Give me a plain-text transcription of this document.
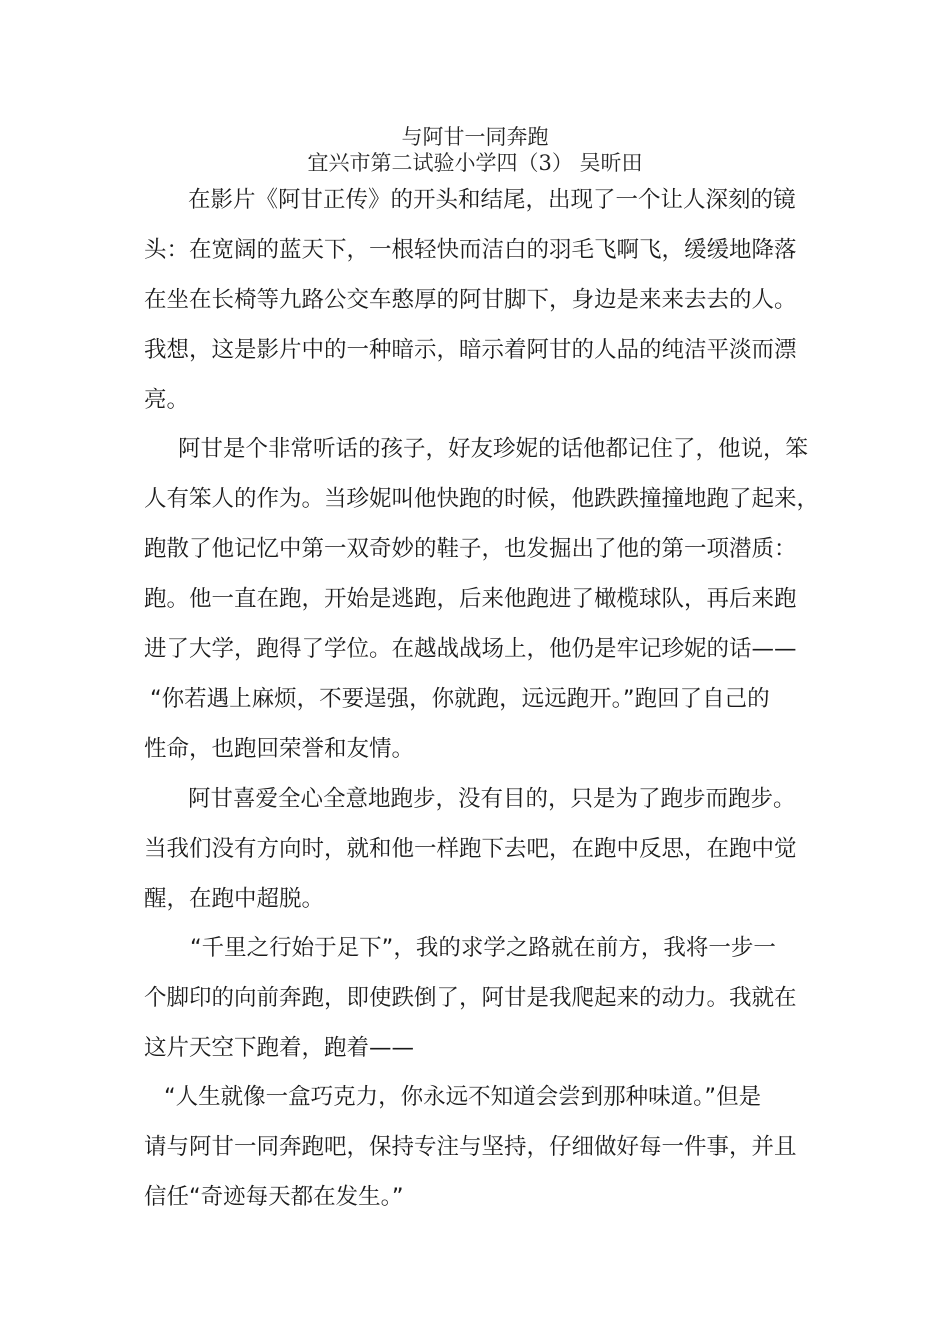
与阿甘一同奔跑
宜兴市第二试验小学四（3） 吴昕田
在影片《阿甘正传》的开头和结尾，出现了一个让人深刻的镜
头：在宽阔的蓝天下，一根轻快而洁白的羽毛飞啊飞，缓缓地降落
在坐在长椅等九路公交车憨厚的阿甘脚下，身边是来来去去的人。
我想，这是影片中的一种暗示，暗示着阿甘的人品的纯洁平淡而漂
亮。
阿甘是个非常听话的孩子，好友珍妮的话他都记住了，他说，笨
人有笨人的作为。当珍妮叫他快跑的时候，他跌跌撞撞地跑了起来，
跑散了他记忆中第一双奇妙的鞋子，也发掘出了他的第一项潜质：
跑。他一直在跑，开始是逃跑，后来他跑进了橄榄球队，再后来跑
进了大学，跑得了学位。在越战战场上，他仍是牢记珍妮的话——
“你若遇上麻烦，不要逞强，你就跑，远远跑开。”跑回了自己的
性命，也跑回荣誉和友情。
阿甘喜爱全心全意地跑步，没有目的，只是为了跑步而跑步。
当我们没有方向时，就和他一样跑下去吧，在跑中反思，在跑中觉
醒，在跑中超脱。
“千里之行始于足下”，我的求学之路就在前方，我将一步一
个脚印的向前奔跑，即使跌倒了，阿甘是我爬起来的动力。我就在
这片天空下跑着，跑着——
“人生就像一盒巧克力，你永远不知道会尝到那种味道。”但是
请与阿甘一同奔跑吧，保持专注与坚持，仔细做好每一件事，并且
信任“奇迹每天都在发生。”
